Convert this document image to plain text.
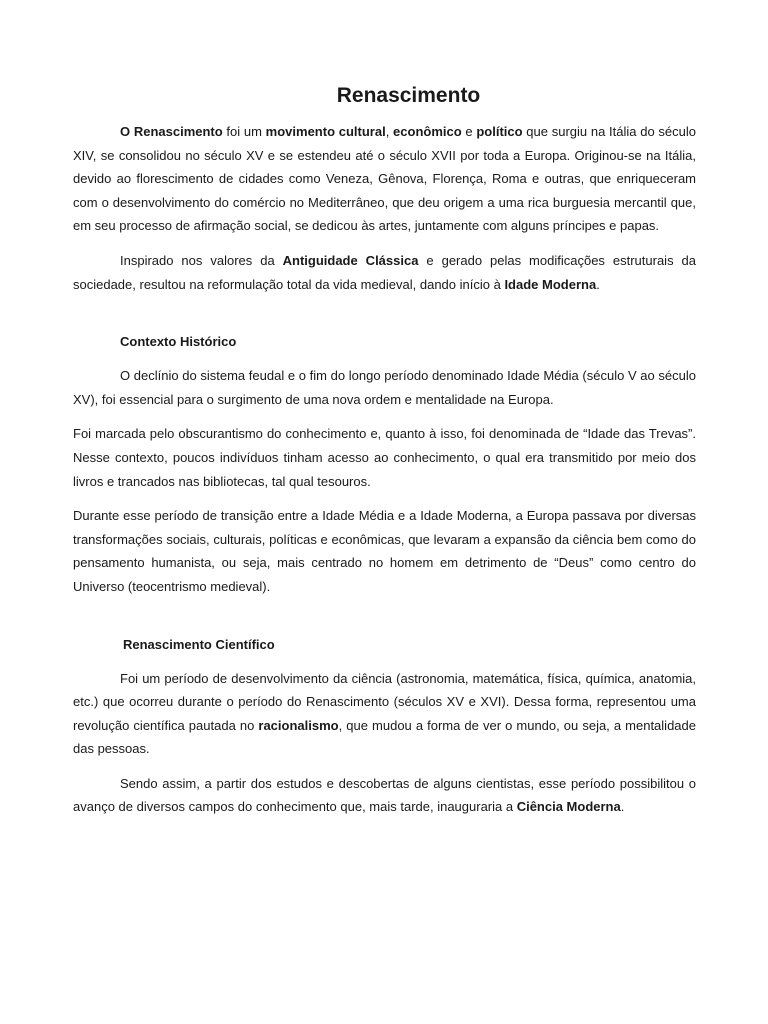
Renascimento

O Renascimento foi um movimento cultural, econômico e político que surgiu na Itália do século XIV, se consolidou no século XV e se estendeu até o século XVII por toda a Europa. Originou-se na Itália, devido ao florescimento de cidades como Veneza, Gênova, Florença, Roma e outras, que enriqueceram com o desenvolvimento do comércio no Mediterrâneo, que deu origem a uma rica burguesia mercantil que, em seu processo de afirmação social, se dedicou às artes, juntamente com alguns príncipes e papas.

Inspirado nos valores da Antiguidade Clássica e gerado pelas modificações estruturais da sociedade, resultou na reformulação total da vida medieval, dando início à Idade Moderna.

Contexto Histórico

O declínio do sistema feudal e o fim do longo período denominado Idade Média (século V ao século XV), foi essencial para o surgimento de uma nova ordem e mentalidade na Europa.

Foi marcada pelo obscurantismo do conhecimento e, quanto à isso, foi denominada de “Idade das Trevas”. Nesse contexto, poucos indivíduos tinham acesso ao conhecimento, o qual era transmitido por meio dos livros e trancados nas bibliotecas, tal qual tesouros.

Durante esse período de transição entre a Idade Média e a Idade Moderna, a Europa passava por diversas transformações sociais, culturais, políticas e econômicas, que levaram a expansão da ciência bem como do pensamento humanista, ou seja, mais centrado no homem em detrimento de “Deus” como centro do Universo (teocentrismo medieval).

Renascimento Científico

Foi um período de desenvolvimento da ciência (astronomia, matemática, física, química, anatomia, etc.) que ocorreu durante o período do Renascimento (séculos XV e XVI). Dessa forma, representou uma revolução científica pautada no racionalismo, que mudou a forma de ver o mundo, ou seja, a mentalidade das pessoas.

Sendo assim, a partir dos estudos e descobertas de alguns cientistas, esse período possibilitou o avanço de diversos campos do conhecimento que, mais tarde, inauguraria a Ciência Moderna.
